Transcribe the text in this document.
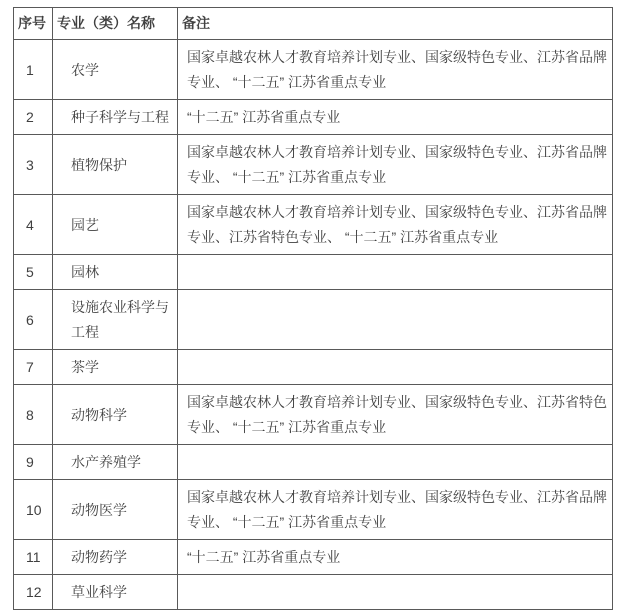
序号	专业（类）名称	备注
1	农学	国家卓越农林人才教育培养计划专业、国家级特色专业、江苏省品牌专业、 “十二五” 江苏省重点专业
2	种子科学与工程	“十二五” 江苏省重点专业
3	植物保护	国家卓越农林人才教育培养计划专业、国家级特色专业、江苏省品牌专业、 “十二五” 江苏省重点专业
4	园艺	国家卓越农林人才教育培养计划专业、国家级特色专业、江苏省品牌专业、江苏省特色专业、 “十二五” 江苏省重点专业
5	园林	
6	设施农业科学与工程	
7	茶学	
8	动物科学	国家卓越农林人才教育培养计划专业、国家级特色专业、江苏省特色专业、 “十二五” 江苏省重点专业
9	水产养殖学	
10	动物医学	国家卓越农林人才教育培养计划专业、国家级特色专业、江苏省品牌专业、 “十二五” 江苏省重点专业
11	动物药学	“十二五” 江苏省重点专业
12	草业科学	
